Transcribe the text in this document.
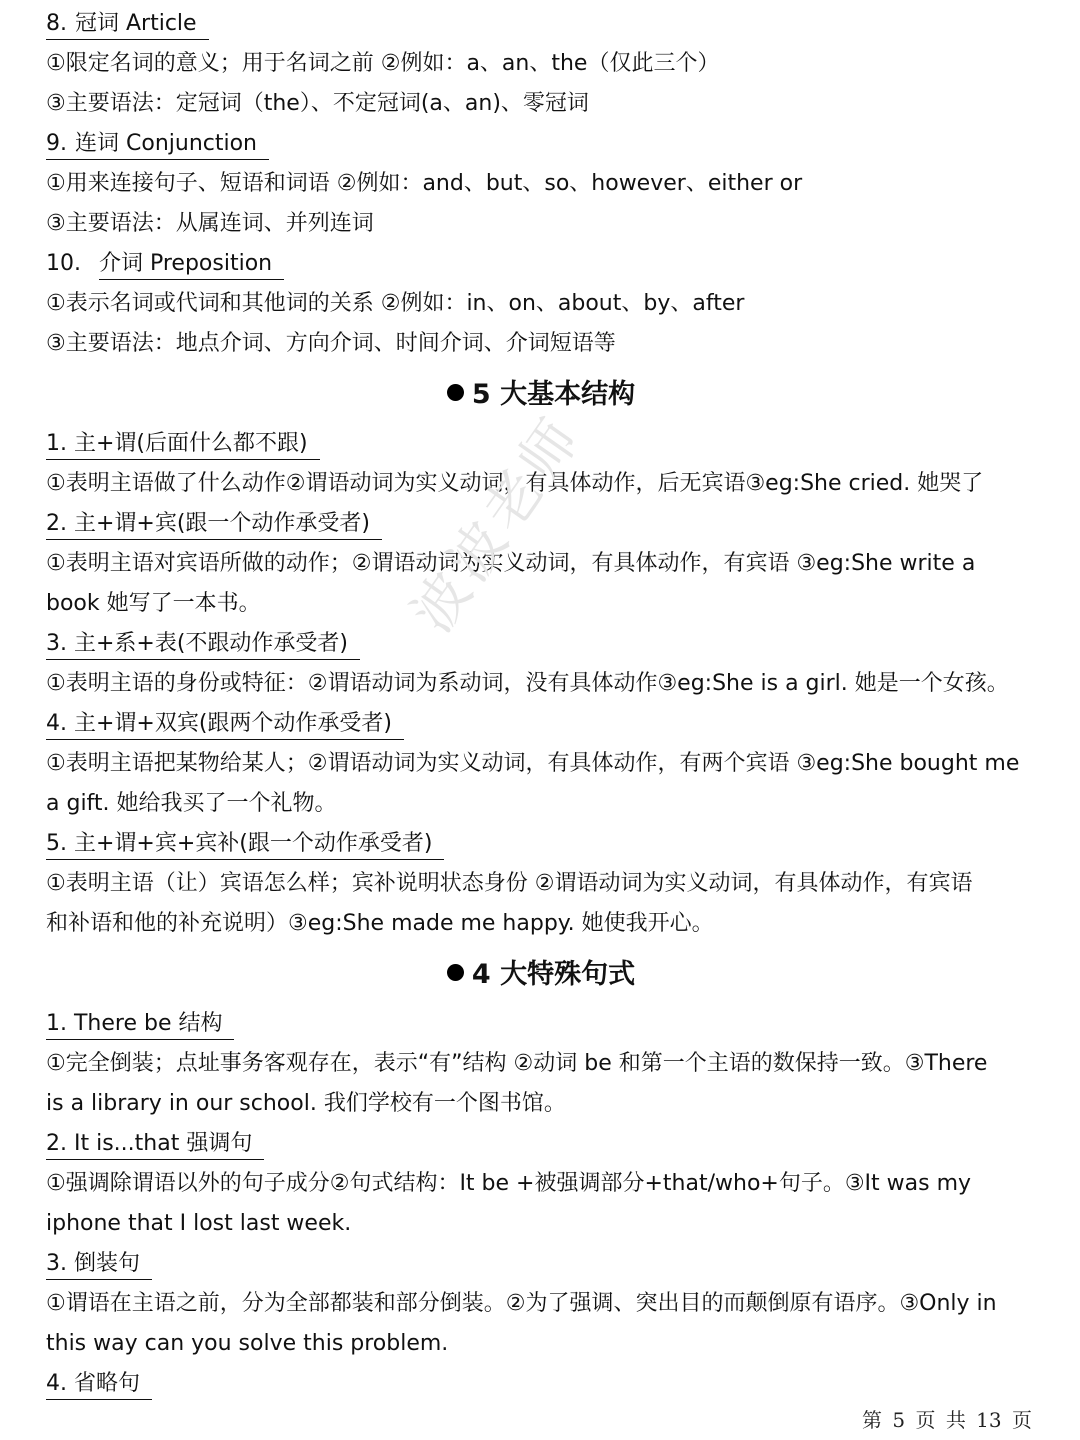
8. 冠词 Article
①限定名词的意义；用于名词之前 ②例如：a、an、the（仅此三个）
③主要语法：定冠词（the）、不定冠词(a、an)、零冠词
9. 连词 Conjunction
①用来连接句子、短语和词语 ②例如：and、but、so、however、either or
③主要语法：从属连词、并列连词
10. 介词 Preposition
①表示名词或代词和其他词的关系 ②例如：in、on、about、by、after
③主要语法：地点介词、方向介词、时间介词、介词短语等
5 大基本结构
1. 主+谓(后面什么都不跟)
①表明主语做了什么动作②谓语动词为实义动词，有具体动作，后无宾语③eg:She cried. 她哭了
2. 主+谓+宾(跟一个动作承受者)
①表明主语对宾语所做的动作；②谓语动词为实义动词，有具体动作，有宾语 ③eg:She write a
book 她写了一本书。
3. 主+系+表(不跟动作承受者)
①表明主语的身份或特征：②谓语动词为系动词，没有具体动作③eg:She is a girl. 她是一个女孩。
4. 主+谓+双宾(跟两个动作承受者)
①表明主语把某物给某人；②谓语动词为实义动词，有具体动作，有两个宾语 ③eg:She bought me
a gift. 她给我买了一个礼物。
5. 主+谓+宾+宾补(跟一个动作承受者)
①表明主语（让）宾语怎么样；宾补说明状态身份 ②谓语动词为实义动词，有具体动作，有宾语
和补语和他的补充说明）③eg:She made me happy. 她使我开心。
4 大特殊句式
1. There be 结构
①完全倒装；点址事务客观存在，表示“有”结构 ②动词 be 和第一个主语的数保持一致。③There
is a library in our school. 我们学校有一个图书馆。
2. It is...that 强调句
①强调除谓语以外的句子成分②句式结构：It be +被强调部分+that/who+句子。③It was my
iphone that I lost last week.
3. 倒装句
①谓语在主语之前，分为全部都装和部分倒装。②为了强调、突出目的而颠倒原有语序。③Only in
this way can you solve this problem.
4. 省略句
波波老师
第 5 页 共 13 页
